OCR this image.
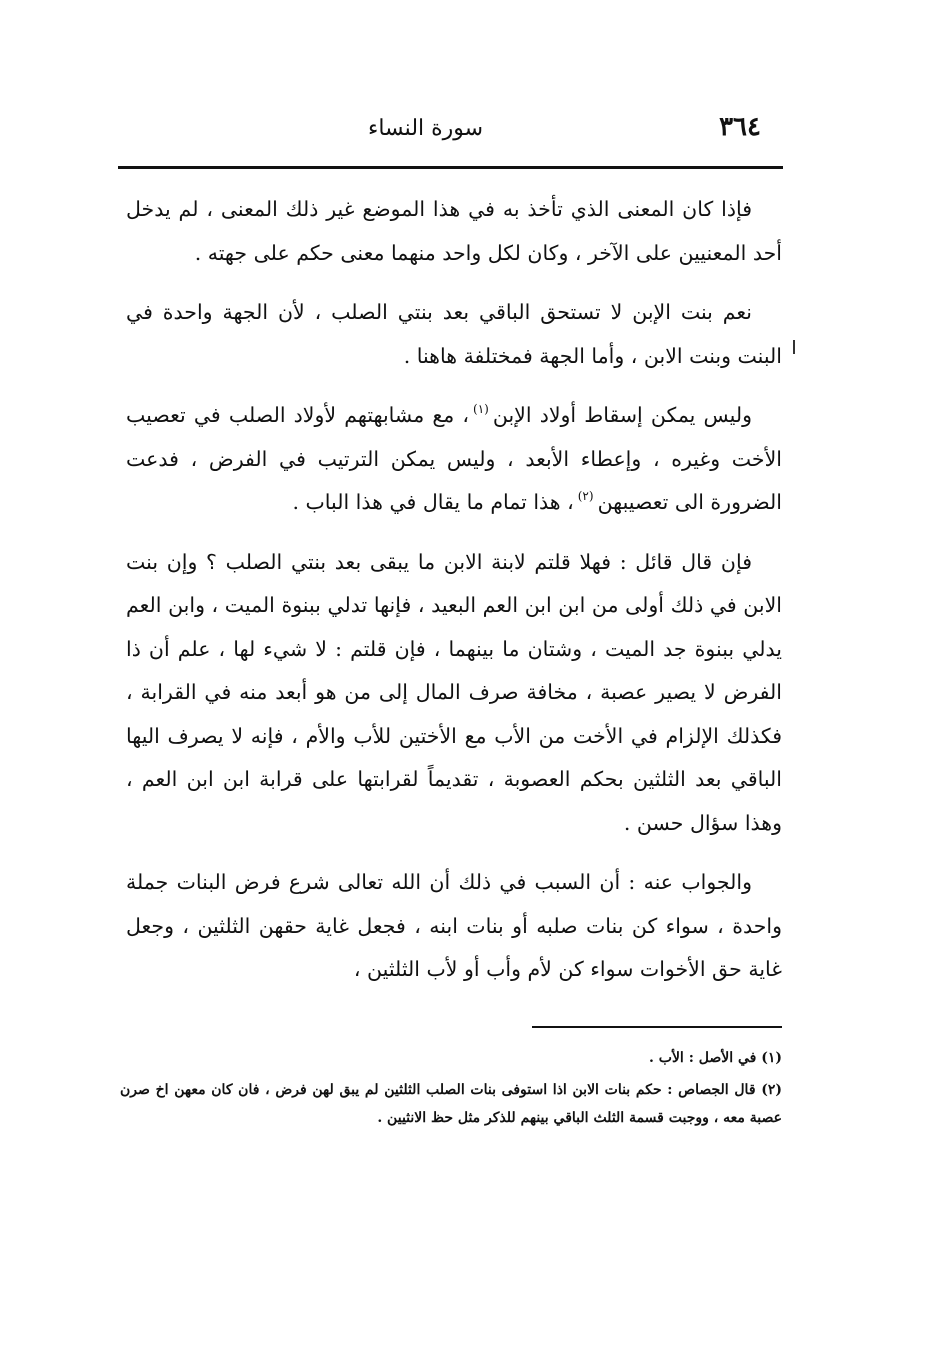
٣٦٤
سورة النساء

فإذا كان المعنى الذي تأخذ به في هذا الموضع غير ذلك المعنى ، لم يدخل أحد المعنيين على الآخر ، وكان لكل واحد منهما معنى حكم على جهته .

نعم بنت الإبن لا تستحق الباقي بعد بنتي الصلب ، لأن الجهة واحدة في البنت وبنت الابن ، وأما الجهة فمختلفة هاهنا .

وليس يمكن إسقاط أولاد الإبن$^{(١)}$، مع مشابهتهم لأولاد الصلب في تعصيب الأخت وغيره ، وإعطاء الأبعد ، وليس يمكن الترتيب في الفرض ، فدعت الضرورة الى تعصيبهن$^{(٢)}$، هذا تمام ما يقال في هذا الباب .

فإن قال قائل : فهلا قلتم لابنة الابن ما يبقى بعد بنتي الصلب ؟ وإن بنت الابن في ذلك أولى من ابن ابن العم البعيد ، فإنها تدلي ببنوة الميت ، وابن العم يدلي ببنوة جد الميت ، وشتان ما بينهما ، فإن قلتم : لا شيء لها ، علم أن ذا الفرض لا يصير عصبة ، مخافة صرف المال إلى من هو أبعد منه في القرابة ، فكذلك الإلزام في الأخت من الأب مع الأختين للأب والأم ، فإنه لا يصرف اليها الباقي بعد الثلثين بحكم العصوبة ، تقديماً لقرابتها على قرابة ابن ابن العم ، وهذا سؤال حسن .

والجواب عنه : أن السبب في ذلك أن الله تعالى شرع فرض البنات جملة واحدة ، سواء كن بنات صلبه أو بنات ابنه ، فجعل غاية حقهن الثلثين ، وجعل غاية حق الأخوات سواء كن لأم وأب أو لأب الثلثين ،

(١) في الأصل : الأب .

(٢) قال الجصاص : حكم بنات الابن اذا استوفى بنات الصلب الثلثين لم يبق لهن فرض ، فان كان معهن اخ صرن عصبة معه ، ووجبت قسمة الثلث الباقي بينهم للذكر مثل حظ الانثيين .
